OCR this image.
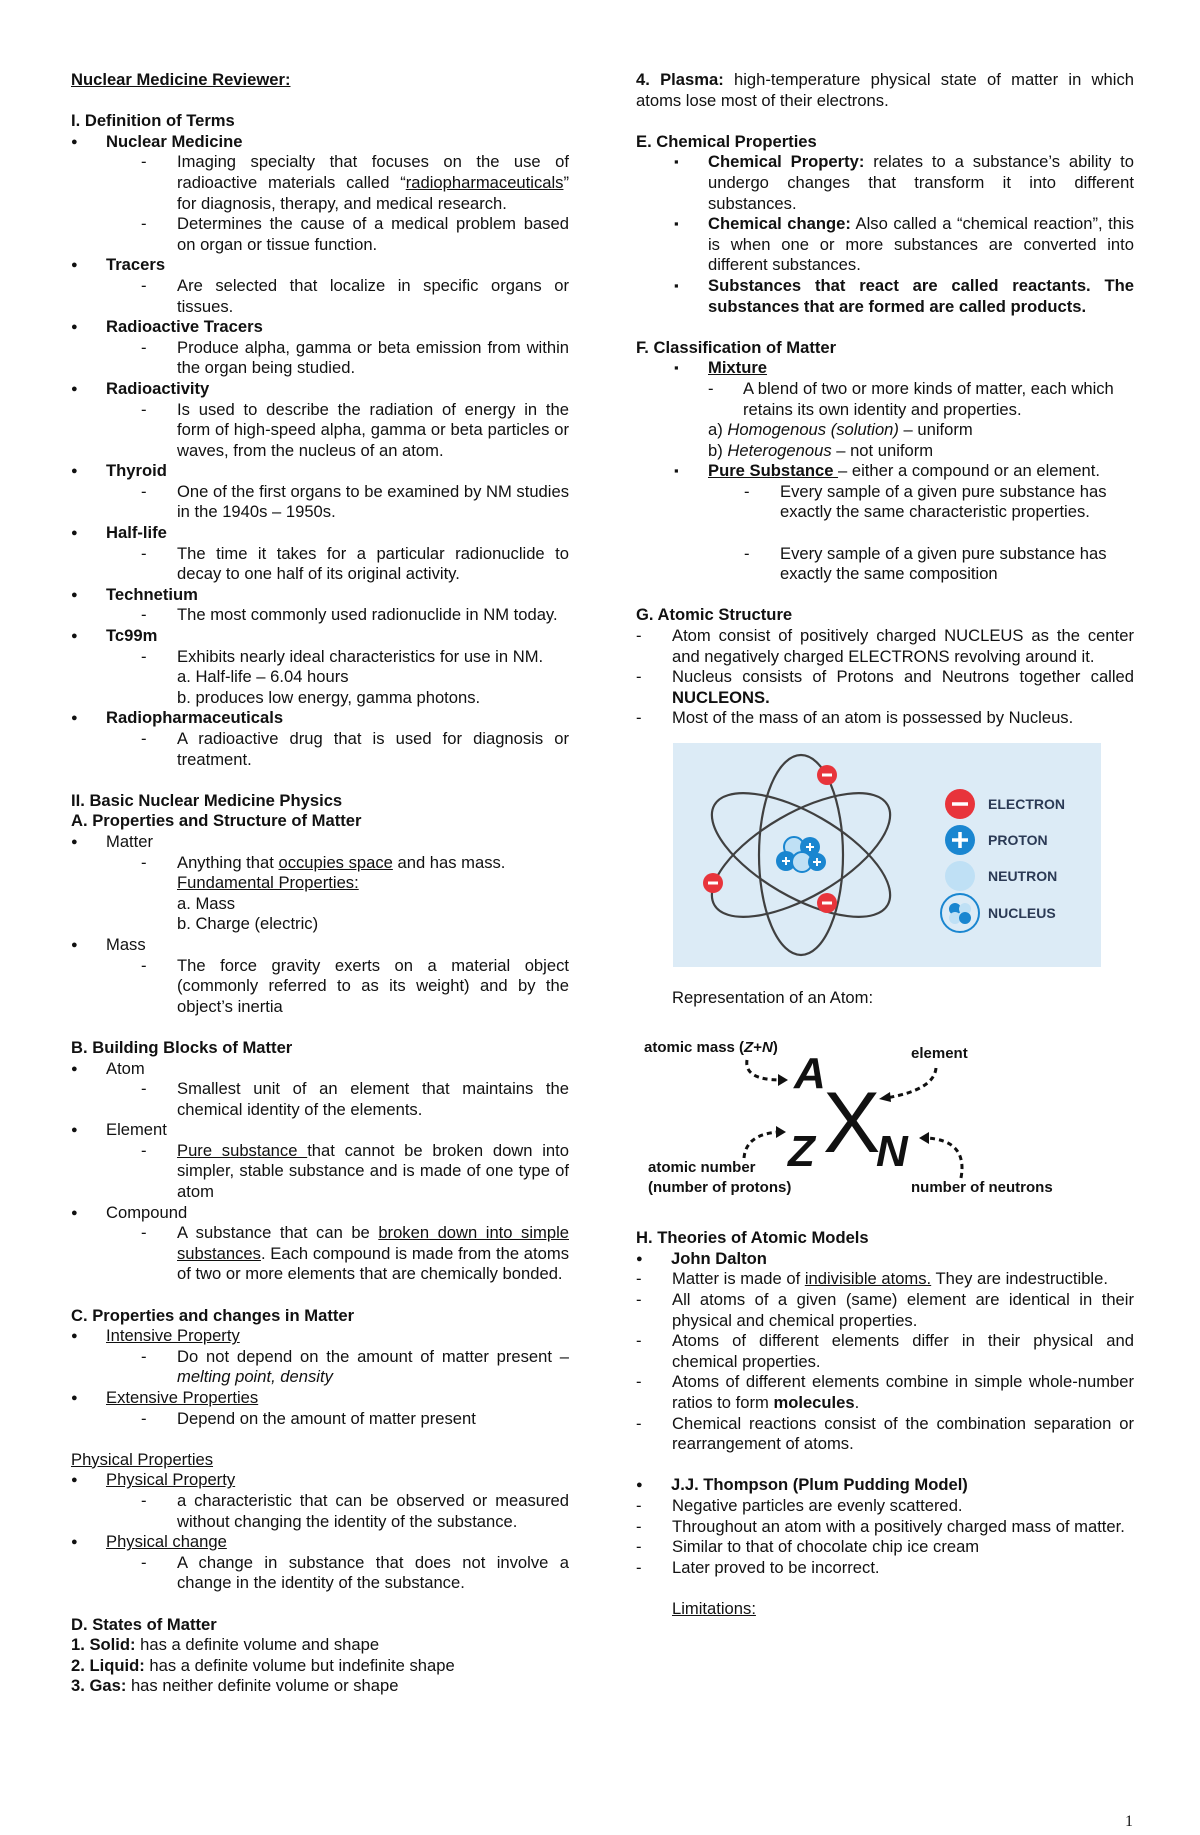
Nuclear Medicine Reviewer:
I. Definition of Terms
● Nuclear Medicine
- Imaging specialty that focuses on the use of radioactive materials called “radiopharmaceuticals” for diagnosis, therapy, and medical research.
- Determines the cause of a medical problem based on organ or tissue function.
● Tracers
- Are selected that localize in specific organs or tissues.
● Radioactive Tracers
- Produce alpha, gamma or beta emission from within the organ being studied.
● Radioactivity
- Is used to describe the radiation of energy in the form of high-speed alpha, gamma or beta particles or waves, from the nucleus of an atom.
● Thyroid
- One of the first organs to be examined by NM studies in the 1940s – 1950s.
● Half-life
- The time it takes for a particular radionuclide to decay to one half of its original activity.
● Technetium
- The most commonly used radionuclide in NM today.
● Tc99m
- Exhibits nearly ideal characteristics for use in NM.
a. Half-life – 6.04 hours
b. produces low energy, gamma photons.
● Radiopharmaceuticals
- A radioactive drug that is used for diagnosis or treatment.
II. Basic Nuclear Medicine Physics
A. Properties and Structure of Matter
● Matter
- Anything that occupies space and has mass.
Fundamental Properties:
a. Mass
b. Charge (electric)
● Mass
- The force gravity exerts on a material object (commonly referred to as its weight) and by the object’s inertia
B. Building Blocks of Matter
● Atom
- Smallest unit of an element that maintains the chemical identity of the elements.
● Element
- Pure substance that cannot be broken down into simpler, stable substance and is made of one type of atom
● Compound
- A substance that can be broken down into simple substances. Each compound is made from the atoms of two or more elements that are chemically bonded.
C. Properties and changes in Matter
● Intensive Property
- Do not depend on the amount of matter present – melting point, density
● Extensive Properties
- Depend on the amount of matter present
Physical Properties
● Physical Property
- a characteristic that can be observed or measured without changing the identity of the substance.
● Physical change
- A change in substance that does not involve a change in the identity of the substance.
D. States of Matter
1. Solid: has a definite volume and shape
2. Liquid: has a definite volume but indefinite shape
3. Gas: has neither definite volume or shape
4. Plasma: high-temperature physical state of matter in which atoms lose most of their electrons.
E. Chemical Properties
▪ Chemical Property: relates to a substance’s ability to undergo changes that transform it into different substances.
▪ Chemical change: Also called a “chemical reaction”, this is when one or more substances are converted into different substances.
▪ Substances that react are called reactants. The substances that are formed are called products.
F. Classification of Matter
▪ Mixture
- A blend of two or more kinds of matter, each which retains its own identity and properties.
a) Homogenous (solution) – uniform
b) Heterogenous – not uniform
▪ Pure Substance – either a compound or an element.
- Every sample of a given pure substance has exactly the same characteristic properties.
- Every sample of a given pure substance has exactly the same composition
G. Atomic Structure
- Atom consist of positively charged NUCLEUS as the center and negatively charged ELECTRONS revolving around it.
- Nucleus consists of Protons and Neutrons together called NUCLEONS.
- Most of the mass of an atom is possessed by Nucleus.
ELECTRON
PROTON
NEUTRON
NUCLEUS
Representation of an Atom:
atomic mass (Z+N)	element
atomic number
(number of protons)	number of neutrons
A
X
Z N
H. Theories of Atomic Models
● John Dalton
- Matter is made of indivisible atoms. They are indestructible.
- All atoms of a given (same) element are identical in their physical and chemical properties.
- Atoms of different elements differ in their physical and chemical properties.
- Atoms of different elements combine in simple whole-number ratios to form molecules.
- Chemical reactions consist of the combination separation or rearrangement of atoms.
● J.J. Thompson (Plum Pudding Model)
- Negative particles are evenly scattered.
- Throughout an atom with a positively charged mass of matter.
- Similar to that of chocolate chip ice cream
- Later proved to be incorrect.
Limitations:
1
